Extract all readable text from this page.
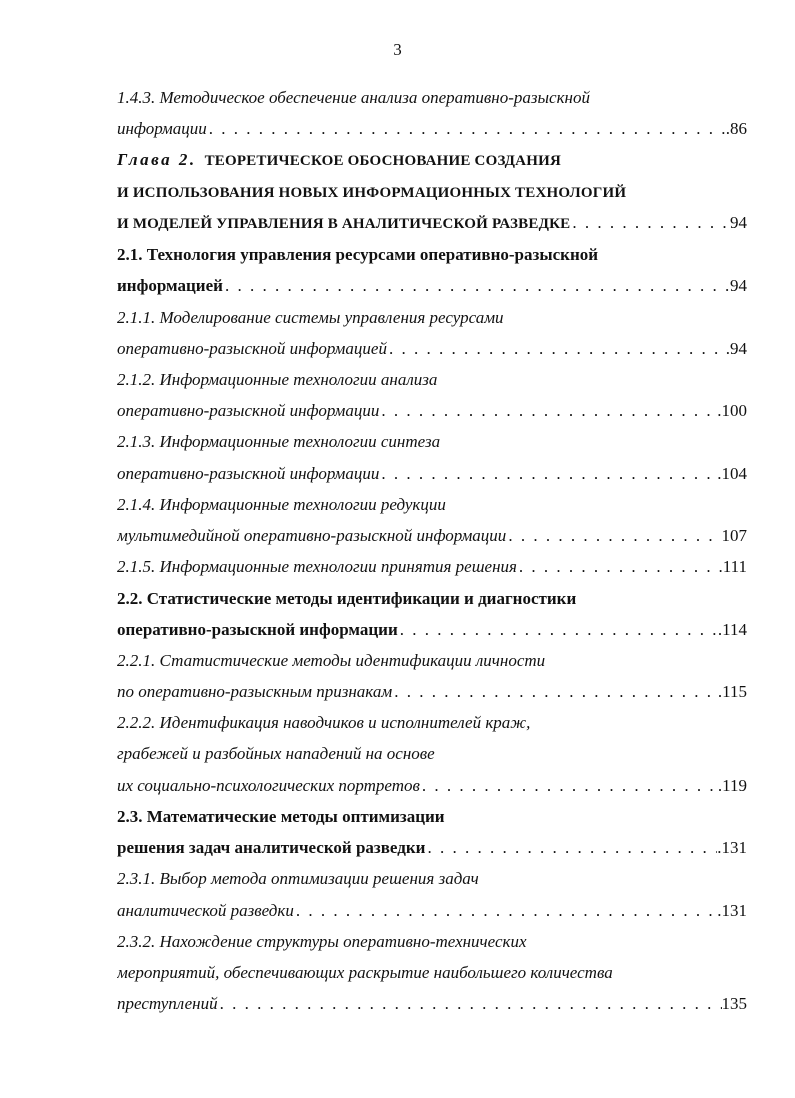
3
1.4.3. Методическое обеспечение анализа оперативно-разыскной
информации . . .	.86
Глава 2. ТЕОРЕТИЧЕСКОЕ ОБОСНОВАНИЕ СОЗДАНИЯ
И ИСПОЛЬЗОВАНИЯ НОВЫХ ИНФОРМАЦИОННЫХ ТЕХНОЛОГИЙ
И МОДЕЛЕЙ УПРАВЛЕНИЯ В АНАЛИТИЧЕСКОЙ РАЗВЕДКЕ . . .	94
2.1. Технология управления ресурсами оперативно-разыскной
информацией . . .	94
2.1.1. Моделирование системы управления ресурсами
оперативно-разыскной информацией . . .	.94
2.1.2. Информационные технологии анализа
оперативно-разыскной информации . . .	.100
2.1.3. Информационные технологии синтеза
оперативно-разыскной информации . . .	.104
2.1.4. Информационные технологии редукции
мультимедийной оперативно-разыскной информации . . .	107
2.1.5. Информационные технологии принятия решения . . .	.111
2.2. Статистические методы идентификации и диагностики
оперативно-разыскной информации . . .	.114
2.2.1. Статистические методы идентификации личности
по оперативно-разыскным признакам . . .	.115
2.2.2. Идентификация наводчиков и исполнителей краж,
грабежей и разбойных нападений на основе
их социально-психологических портретов . . .	.119
2.3. Математические методы оптимизации
решения задач аналитической разведки . . .	.131
2.3.1. Выбор метода оптимизации решения задач
аналитической разведки . . .	.131
2.3.2. Нахождение структуры оперативно-технических
мероприятий, обеспечивающих раскрытие наибольшего количества
преступлений . . .	135
